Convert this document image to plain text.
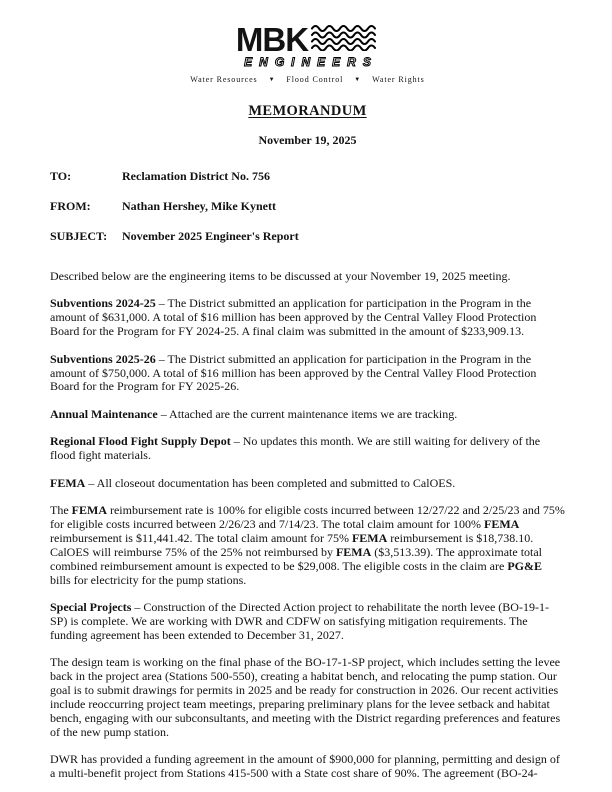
MBK
ENGINEERS
Water Resources ▼ Flood Control ▼ Water Rights
MEMORANDUM
November 19, 2025
TO:	Reclamation District No. 756
FROM:	Nathan Hershey, Mike Kynett
SUBJECT:	November 2025 Engineer's Report

Described below are the engineering items to be discussed at your November 19, 2025 meeting.

Subventions 2024-25 – The District submitted an application for participation in the Program in the amount of $631,000. A total of $16 million has been approved by the Central Valley Flood Protection Board for the Program for FY 2024-25. A final claim was submitted in the amount of $233,909.13.

Subventions 2025-26 – The District submitted an application for participation in the Program in the amount of $750,000. A total of $16 million has been approved by the Central Valley Flood Protection Board for the Program for FY 2025-26.

Annual Maintenance – Attached are the current maintenance items we are tracking.

Regional Flood Fight Supply Depot – No updates this month. We are still waiting for delivery of the flood fight materials.

FEMA – All closeout documentation has been completed and submitted to CalOES.

The FEMA reimbursement rate is 100% for eligible costs incurred between 12/27/22 and 2/25/23 and 75% for eligible costs incurred between 2/26/23 and 7/14/23. The total claim amount for 100% FEMA reimbursement is $11,441.42. The total claim amount for 75% FEMA reimbursement is $18,738.10. CalOES will reimburse 75% of the 25% not reimbursed by FEMA ($3,513.39). The approximate total combined reimbursement amount is expected to be $29,008. The eligible costs in the claim are PG&E bills for electricity for the pump stations.

Special Projects – Construction of the Directed Action project to rehabilitate the north levee (BO-19-1-SP) is complete. We are working with DWR and CDFW on satisfying mitigation requirements. The funding agreement has been extended to December 31, 2027.

The design team is working on the final phase of the BO-17-1-SP project, which includes setting the levee back in the project area (Stations 500-550), creating a habitat bench, and relocating the pump station. Our goal is to submit drawings for permits in 2025 and be ready for construction in 2026. Our recent activities include reoccurring project team meetings, preparing preliminary plans for the levee setback and habitat bench, engaging with our subconsultants, and meeting with the District regarding preferences and features of the new pump station.

DWR has provided a funding agreement in the amount of $900,000 for planning, permitting and design of a multi-benefit project from Stations 415-500 with a State cost share of 90%. The agreement (BO-24-
